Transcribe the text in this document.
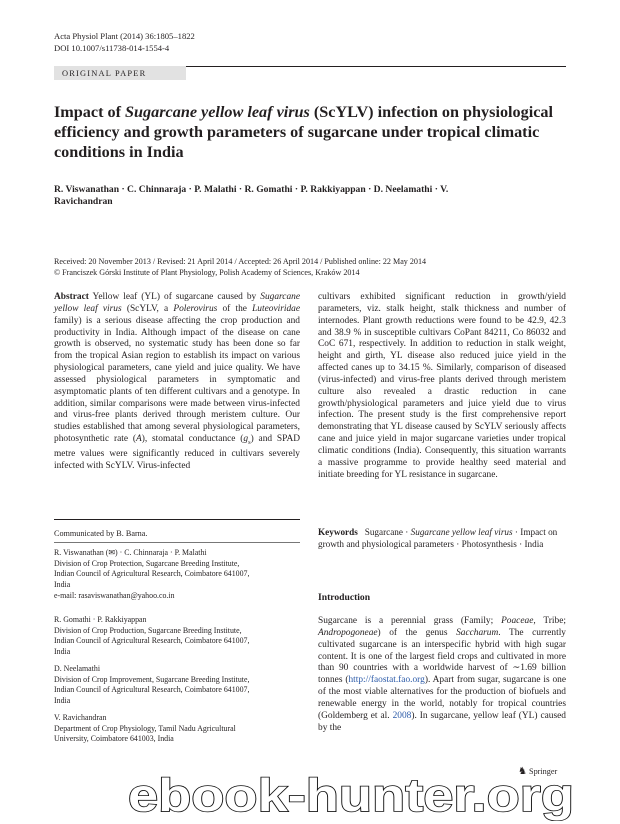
Acta Physiol Plant (2014) 36:1805–1822
DOI 10.1007/s11738-014-1554-4
ORIGINAL PAPER
Impact of Sugarcane yellow leaf virus (ScYLV) infection on physiological efficiency and growth parameters of sugarcane under tropical climatic conditions in India
R. Viswanathan · C. Chinnaraja · P. Malathi · R. Gomathi · P. Rakkiyappan · D. Neelamathi · V. Ravichandran
Received: 20 November 2013 / Revised: 21 April 2014 / Accepted: 26 April 2014 / Published online: 22 May 2014
© Franciszek Górski Institute of Plant Physiology, Polish Academy of Sciences, Kraków 2014
Abstract Yellow leaf (YL) of sugarcane caused by Sugarcane yellow leaf virus (ScYLV, a Polerovirus of the Luteoviridae family) is a serious disease affecting the crop production and productivity in India. Although impact of the disease on cane growth is observed, no systematic study has been done so far from the tropical Asian region to establish its impact on various physiological parameters, cane yield and juice quality. We have assessed physiological parameters in symptomatic and asymptomatic plants of ten different cultivars and a genotype. In addition, similar comparisons were made between virus-infected and virus-free plants derived through meristem culture. Our studies established that among several physiological parameters, photosynthetic rate (A), stomatal conductance $(g_s)$ and SPAD metre values were significantly reduced in cultivars severely infected with ScYLV. Virus-infected
cultivars exhibited significant reduction in growth/yield parameters, viz. stalk height, stalk thickness and number of internodes. Plant growth reductions were found to be 42.9, 42.3 and 38.9 % in susceptible cultivars CoPant 84211, Co 86032 and CoC 671, respectively. In addition to reduction in stalk weight, height and girth, YL disease also reduced juice yield in the affected canes up to 34.15 %. Similarly, comparison of diseased (virus-infected) and virus-free plants derived through meristem culture also revealed a drastic reduction in cane growth/physiological parameters and juice yield due to virus infection. The present study is the first comprehensive report demonstrating that YL disease caused by ScYLV seriously affects cane and juice yield in major sugarcane varieties under tropical climatic conditions (India). Consequently, this situation warrants a massive programme to provide healthy seed material and initiate breeding for YL resistance in sugarcane.
Communicated by B. Barna.
R. Viswanathan (✉) · C. Chinnaraja · P. Malathi
Division of Crop Protection, Sugarcane Breeding Institute,
Indian Council of Agricultural Research, Coimbatore 641007,
India
e-mail: rasaviswanathan@yahoo.co.in
R. Gomathi · P. Rakkiyappan
Division of Crop Production, Sugarcane Breeding Institute,
Indian Council of Agricultural Research, Coimbatore 641007,
India
D. Neelamathi
Division of Crop Improvement, Sugarcane Breeding Institute,
Indian Council of Agricultural Research, Coimbatore 641007,
India
V. Ravichandran
Department of Crop Physiology, Tamil Nadu Agricultural
University, Coimbatore 641003, India
Keywords Sugarcane · Sugarcane yellow leaf virus · Impact on growth and physiological parameters · Photosynthesis · India
Introduction
Sugarcane is a perennial grass (Family; Poaceae, Tribe; Andropogoneae) of the genus Saccharum. The currently cultivated sugarcane is an interspecific hybrid with high sugar content. It is one of the largest field crops and cultivated in more than 90 countries with a worldwide harvest of ∼1.69 billion tonnes (http://faostat.fao.org). Apart from sugar, sugarcane is one of the most viable alternatives for the production of biofuels and renewable energy in the world, notably for tropical countries (Goldemberg et al. 2008). In sugarcane, yellow leaf (YL) caused by the
♞ Springer
ebook-hunter.org
